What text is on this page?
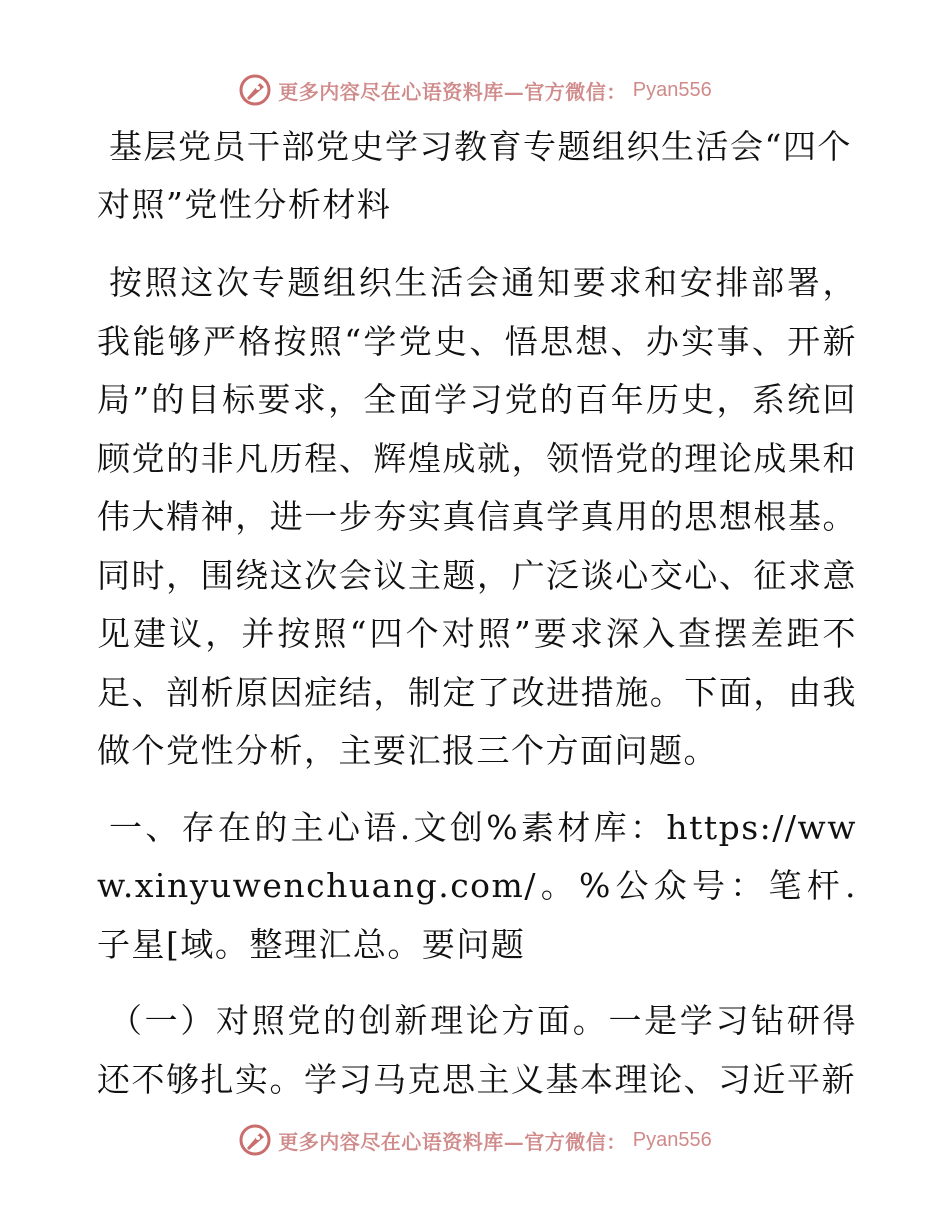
更多内容尽在心语资料库—官方微信： Pyan556
基层党员干部党史学习教育专题组织生活会“四个对照”党性分析材料

按照这次专题组织生活会通知要求和安排部署，我能够严格按照“学党史、悟思想、办实事、开新局”的目标要求，全面学习党的百年历史，系统回顾党的非凡历程、辉煌成就，领悟党的理论成果和伟大精神，进一步夯实真信真学真用的思想根基。同时，围绕这次会议主题，广泛谈心交心、征求意见建议，并按照“四个对照”要求深入查摆差距不足、剖析原因症结，制定了改进措施。下面，由我做个党性分析，主要汇报三个方面问题。

一、存在的主心语.文创%素材库：https://www.xinyuwenchuang.com/。%公众号：笔杆.子星[域。整理汇总。要问题

（一）对照党的创新理论方面。一是学习钻研得还不够扎实。学习马克思主义基本理论、习近平新

更多内容尽在心语资料库—官方微信： Pyan556
